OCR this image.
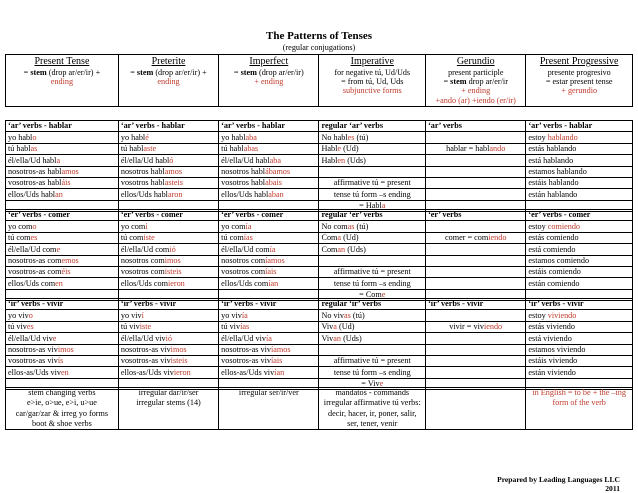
The Patterns of Tenses
(regular conjugations)
Present Tense
= stem (drop ar/er/ir) +
ending

Preterite
= stem (drop ar/er/ir) +
ending

Imperfect
= stem (drop ar/er/ir)
+ ending

Imperative
for negative tú, Ud/Uds
= from tú, Ud, Uds
subjunctive forms

Gerundio
present participle
= stem drop ar/er/ir
+ ending
+ando (ar) +iendo (er/ir)

Present Progressive
presente progresivo
= estar present tense
+ gerundio
‘ar’ verbs - hablar	‘ar’ verbs - hablar	‘ar’ verbs - hablar	regular ‘ar’ verbs	‘ar’ verbs	‘ar’ verbs - hablar
yo hablo	yo hablé	yo hablaba	No hables (tú)		estoy hablando
tú hablas	tú hablaste	tú hablabas	Hable (Ud)	hablar = hablando	estás hablando
él/ella/Ud habla	él/ella/Ud habló	él/ella/Ud hablaba	Hablen (Uds)		está hablando
nosotros-as hablamos	nosotros hablamos	nosotros hablábamos			estamos hablando
vosotros-as habláis	vosotros hablasteis	vosotros hablabais	affirmative tú = present		estáis hablando
ellos/Uds hablan	ellos/Uds hablaron	ellos/Uds hablaban	tense tú form –s ending		están hablando
			= Habla		
‘er’ verbs - comer	‘er’ verbs - comer	‘er’ verbs - comer	regular ‘er’ verbs	‘er’ verbs	‘er’ verbs - comer
yo como	yo comí	yo comía	No comas (tú)		estoy comiendo
tú comes	tú comiste	tú comías	Coma (Ud)	comer = comiendo	estás comiendo
él/ella/Ud come	él/ella/Ud comió	él/ella/Ud comía	Coman (Uds)		está comiendo
nosotros-as comemos	nosotros comimos	nosotros comíamos			estamos comiendo
vosotros-as coméis	vosotros comisteis	vosotros comíais	affirmative tú = present		estáis comiendo
ellos/Uds comen	ellos/Uds comieron	ellos/Uds comían	tense tú form –s ending		están comiendo
			= Come		
‘ir’ verbs - vivir	‘ir’ verbs - vivir	‘ir’ verbs - vivir	regular ‘ir’ verbs	‘ir’ verbs - vivir	‘ir’ verbs - vivir
yo vivo	yo viví	yo vivía	No vivas (tú)		estoy viviendo
tú vives	tú viviste	tú vivías	Viva (Ud)	vivir = viviendo	estás viviendo
él/ella/Ud vive	él/ella/Ud vivió	él/ella/Ud vivía	Vivan (Uds)		está viviendo
nosotros-as vivimos	nosotros-as vivimos	nosotros-as vivíamos			estamos viviendo
vosotros-as vivís	vosotros-as vivisteis	vosotros-as vivíais	affirmative tú = present		estáis viviendo
ellos-as/Uds viven	ellos-as/Uds vivieron	ellos-as/Uds vivían	tense tú form –s ending		están viviendo
			= Vive		
stem changing verbs
e>ie, o>ue, e>i, u>ue
car/gar/zar & irreg yo forms
boot & shoe verbs

irregular dar/ir/ser
irregular stems (14)

irregular ser/ir/ver	mandatos - commands
irregular affirmative tú verbs:
decir, hacer, ir, poner, salir,
ser, tener, venir

in English = to be + the –ing
form of the verb
Prepared by Leading Languages LLC
2011
